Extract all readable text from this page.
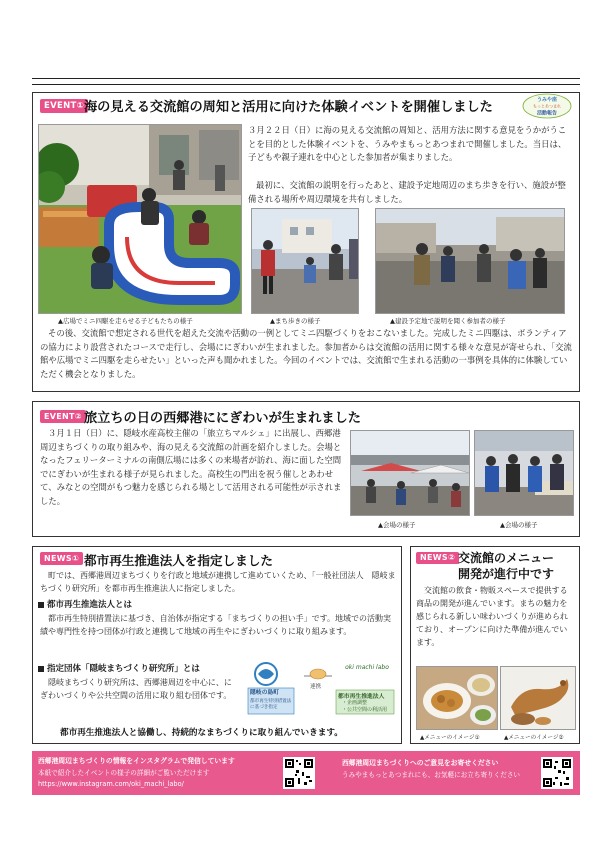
EVENT① 海の見える交流館の周知と活用に向けた体験イベントを開催しました	うみや座
もっとあつまれ
活動報告
▲広場でミニ四駆を走らせる子どもたちの様子
３月２２日（日）に海の見える交流館の周知と、活用方法に関する意見をうかがうことを目的とした体験イベントを、うみやまもっとあつまれで開催しました。当日は、子どもや親子連れを中心とした参加者が集まりました。
最初に、交流館の説明を行ったあと、建設予定地周辺のまち歩きを行い、施設が整備される場所や周辺環境を共有しました。
▲まち歩きの様子	▲建設予定地で説明を聞く参加者の様子
その後、交流館で想定される世代を超えた交流や活動の一例としてミニ四駆づくりをおこないました。完成したミニ四駆は、ボランティアの協力により設営されたコースで走行し、会場ににぎわいが生まれました。参加者からは交流館の活用に関する様々な意見が寄せられ、「交流館や広場でミニ四駆を走らせたい」といった声も聞かれました。今回のイベントでは、交流館で生まれる活動の一事例を具体的に体験していただく機会となりました。
EVENT② 旅立ちの日の西郷港ににぎわいが生まれました
３月１日（日）に、隠岐水産高校主催の「旅立ちマルシェ」に出展し、西郷港周辺まちづくりの取り組みや、海の見える交流館の計画を紹介しました。会場となったフェリーターミナルの南側広場には多くの来場者が訪れ、海に面した空間でにぎわいが生まれる様子が見られました。高校生の門出を祝う催しとあわせて、みなとの空間がもつ魅力を感じられる場として活用される可能性が示されました。
▲会場の様子	▲会場の様子
NEWS① 都市再生推進法人を指定しました
町では、西郷港周辺まちづくりを行政と地域が連携して進めていくため、「一般社団法人　隠岐まちづくり研究所」を都市再生推進法人に指定しました。
都市再生推進法人とは
都市再生特別措置法に基づき、自治体が指定する「まちづくりの担い手」です。地域での活動実績や専門性を持つ団体が行政と連携して地域の再生やにぎわいづくりに取り組みます。
指定団体「隠岐まちづくり研究所」とは
隠岐まちづくり研究所は、西郷港周辺を中心に、にぎわいづくりや公共空間の活用に取り組む団体です。	隠岐の島町
都市再生特別措置法に基づき指定
連携
oki machi labo
都市再生推進法人
・企画調整
・公共空間の利活用
都市再生推進法人と協働し、持続的なまちづくりに取り組んでいきます。
NEWS② 交流館のメニュー
開発が進行中です
交流館の飲食・物販スペースで提供する商品の開発が進んでいます。まちの魅力を感じられる新しい味わいづくりが進められており、オープンに向けた準備が進んでいます。
▲メニューのイメージ①	▲メニューのイメージ②
西郷港周辺まちづくりの情報をインスタグラムで発信しています
本紙で紹介したイベントの様子の詳細がご覧いただけます
https://www.instagram.com/oki_machi_labo/
西郷港周辺まちづくりへのご意見をお寄せください
うみやまもっとあつまれにも、お気軽にお立ち寄りください
